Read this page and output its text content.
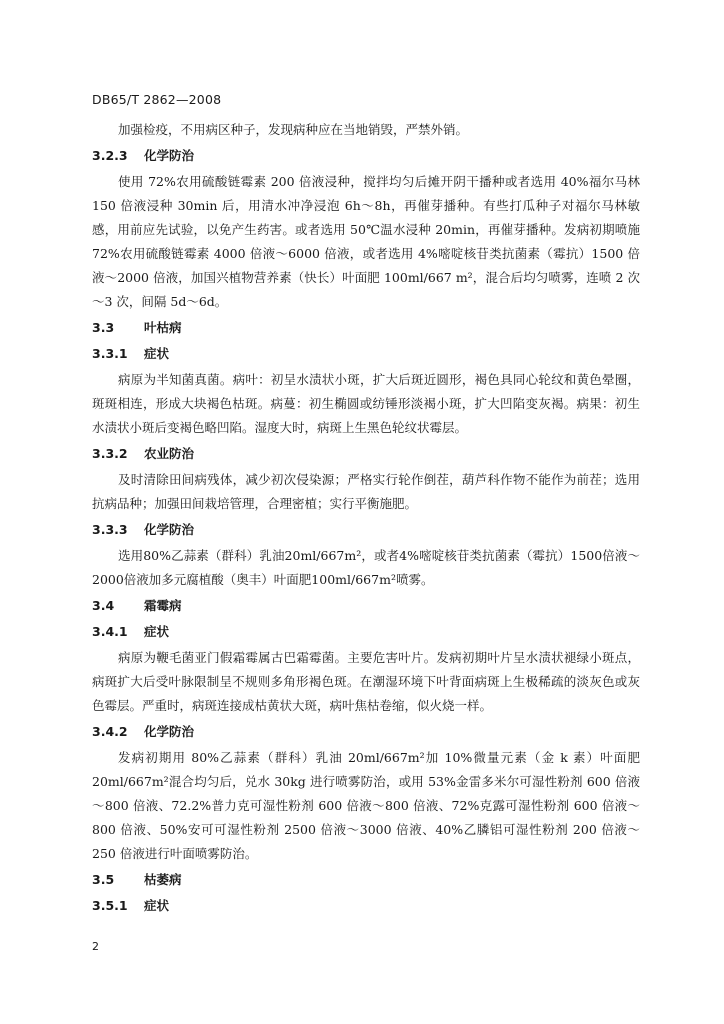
DB65/T 2862—2008

加强检疫，不用病区种子，发现病种应在当地销毁，严禁外销。

3.2.3 化学防治

使用 72%农用硫酸链霉素 200 倍液浸种，搅拌均匀后摊开阴干播种或者选用 40%福尔马林 150 倍液浸种 30min 后，用清水冲净浸泡 6h～8h，再催芽播种。有些打瓜种子对福尔马林敏感，用前应先试验，以免产生药害。或者选用 50℃温水浸种 20min，再催芽播种。发病初期喷施 72%农用硫酸链霉素 4000 倍液～6000 倍液，或者选用 4%嘧啶核苷类抗菌素（霉抗）1500 倍液～2000 倍液，加国兴植物营养素（快长）叶面肥 100ml/667 m²，混合后均匀喷雾，连喷 2 次～3 次，间隔 5d～6d。

3.3 叶枯病
3.3.1 症状

病原为半知菌真菌。病叶：初呈水渍状小斑，扩大后斑近圆形，褐色具同心轮纹和黄色晕圈，斑斑相连，形成大块褐色枯斑。病蔓：初生椭圆或纺锤形淡褐小斑，扩大凹陷变灰褐。病果：初生水渍状小斑后变褐色略凹陷。湿度大时，病斑上生黑色轮纹状霉层。

3.3.2 农业防治

及时清除田间病残体，减少初次侵染源；严格实行轮作倒茬，葫芦科作物不能作为前茬；选用抗病品种；加强田间栽培管理，合理密植；实行平衡施肥。

3.3.3 化学防治

选用80%乙蒜素（群科）乳油20ml/667m²，或者4%嘧啶核苷类抗菌素（霉抗）1500倍液～2000倍液加多元腐植酸（奥丰）叶面肥100ml/667m²喷雾。

3.4 霜霉病
3.4.1 症状

病原为鞭毛菌亚门假霜霉属古巴霜霉菌。主要危害叶片。发病初期叶片呈水渍状褪绿小斑点，病斑扩大后受叶脉限制呈不规则多角形褐色斑。在潮湿环境下叶背面病斑上生极稀疏的淡灰色或灰色霉层。严重时，病斑连接成枯黄状大斑，病叶焦枯卷缩，似火烧一样。

3.4.2 化学防治

发病初期用 80%乙蒜素（群科）乳油 20ml/667m²加 10%微量元素（金 k 素）叶面肥 20ml/667m²混合均匀后，兑水 30kg 进行喷雾防治，或用 53%金雷多米尔可湿性粉剂 600 倍液～800 倍液、72.2%普力克可湿性粉剂 600 倍液～800 倍液、72%克露可湿性粉剂 600 倍液～800 倍液、50%安可可湿性粉剂 2500 倍液～3000 倍液、40%乙膦铝可湿性粉剂 200 倍液～250 倍液进行叶面喷雾防治。

3.5 枯萎病
3.5.1 症状
2
